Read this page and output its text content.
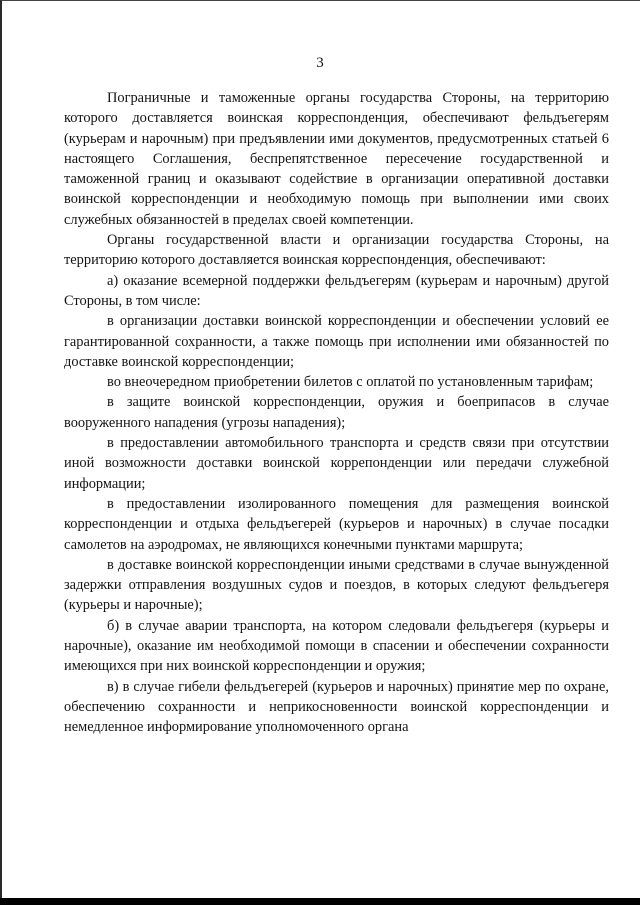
3

Пограничные и таможенные органы государства Стороны, на территорию которого доставляется воинская корреспонденция, обеспечивают фельдъегерям (курьерам и нарочным) при предъявлении ими документов, предусмотренных статьей 6 настоящего Соглашения, беспрепятственное пересечение государственной и таможенной границ и оказывают содействие в организации оперативной доставки воинской корреспонденции и необходимую помощь при выполнении ими своих служебных обязанностей в пределах своей компетенции.

Органы государственной власти и организации государства Стороны, на территорию которого доставляется воинская корреспонденция, обеспечивают:

а) оказание всемерной поддержки фельдъегерям (курьерам и нарочным) другой Стороны, в том числе:

в организации доставки воинской корреспонденции и обеспечении условий ее гарантированной сохранности, а также помощь при исполнении ими обязанностей по доставке воинской корреспонденции;

во внеочередном приобретении билетов с оплатой по установленным тарифам;

в защите воинской корреспонденции, оружия и боеприпасов в случае вооруженного нападения (угрозы нападения);

в предоставлении автомобильного транспорта и средств связи при отсутствии иной возможности доставки воинской коррепонденции или передачи служебной информации;

в предоставлении изолированного помещения для размещения воинской корреспонденции и отдыха фельдъегерей (курьеров и нарочных) в случае посадки самолетов на аэродромах, не являющихся конечными пунктами маршрута;

в доставке воинской корреспонденции иными средствами в случае вынужденной задержки отправления воздушных судов и поездов, в которых следуют фельдъегеря (курьеры и нарочные);

б) в случае аварии транспорта, на котором следовали фельдъегеря (курьеры и нарочные), оказание им необходимой помощи в спасении и обеспечении сохранности имеющихся при них воинской корреспонденции и оружия;

в) в случае гибели фельдъегерей (курьеров и нарочных) принятие мер по охране, обеспечению сохранности и неприкосновенности воинской корреспонденции и немедленное информирование уполномоченного органа
